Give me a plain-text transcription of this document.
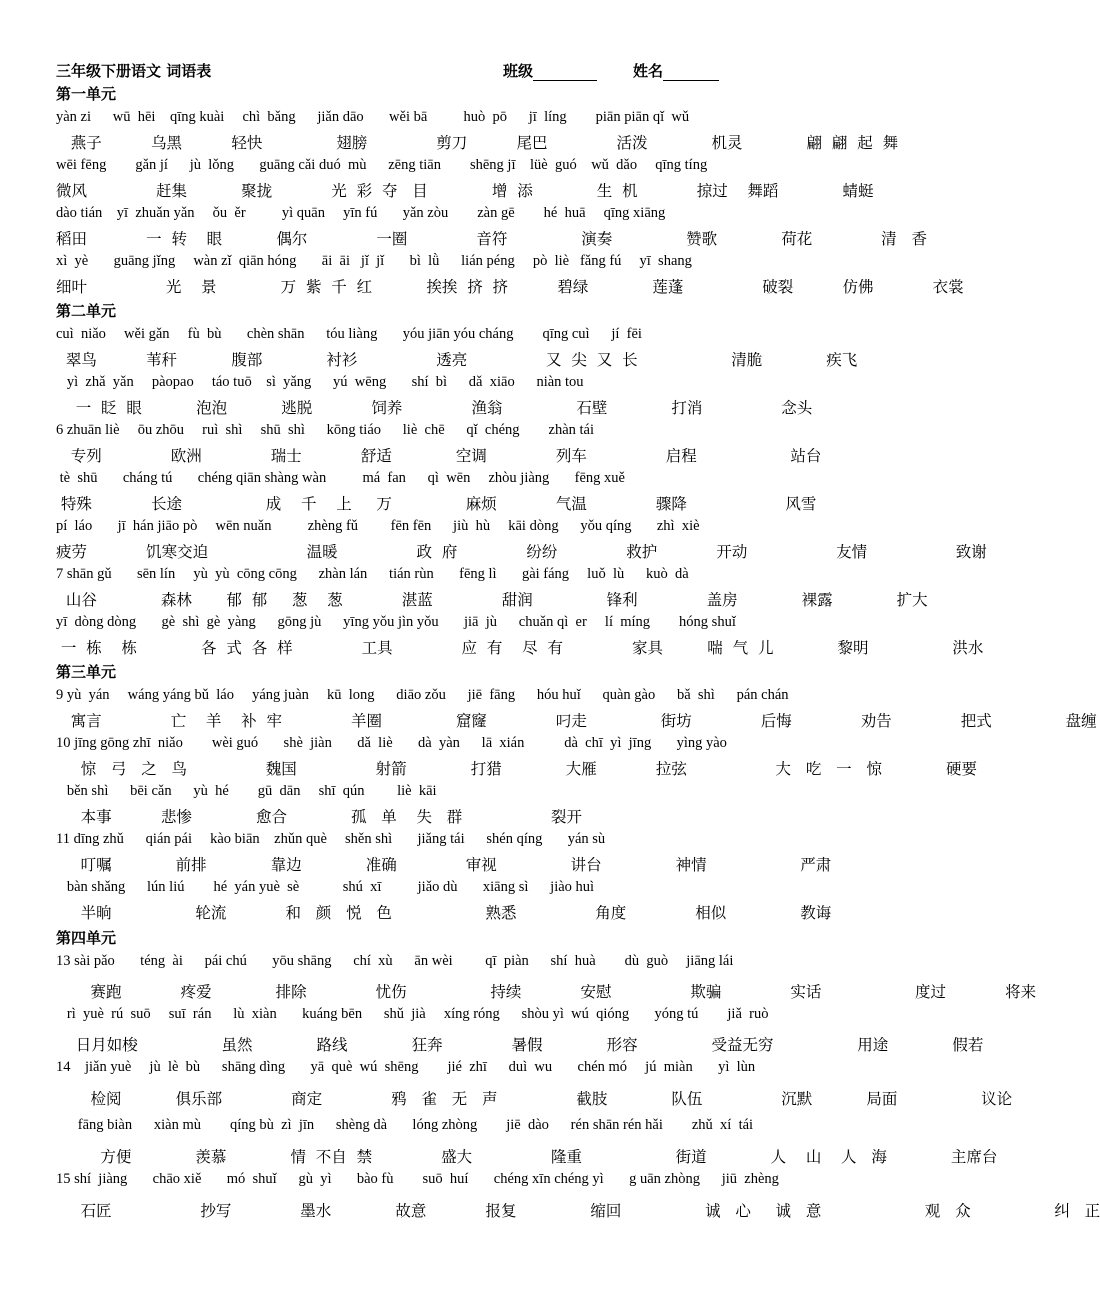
三年级下册语文 词语表	班级	姓名
第一单元
yàn zi      wū  hēi    qīng kuài     chì  bǎng      jiǎn dāo       wěi bā          huò  pō      jī  líng        piān piān qǐ  wǔ
燕子          乌黑          轻快               翅膀              剪刀          尾巴              活泼             机灵             翩  翩  起  舞
wēi fēng        gǎn jí      jù  lǒng       guāng cǎi duó  mù      zēng tiān        shēng jī    lüè  guó    wǔ  dǎo     qīng tíng
微风              赶集           聚拢            光  彩  夺   目             增  添             生  机            掠过    舞蹈             蜻蜓
dào tián    yī  zhuǎn yǎn     ǒu  ěr          yì quān     yīn fú       yǎn zòu        zàn gē        hé  huā     qīng xiāng
稻田            一  转    眼           偶尔              一圈              音符               演奏               赞歌             荷花              清   香
xì  yè       guāng jǐng     wàn zǐ  qiān hóng       āi  āi   jǐ  jǐ       bì  lǜ      lián péng     pò  liè   fǎng fú     yī  shang
细叶                光    景             万  紫  千  红           挨挨  挤  挤          碧绿             莲蓬                破裂          仿佛            衣裳
第二单元
cuì  niǎo     wěi gǎn     fù  bù       chèn shān      tóu liàng       yóu jiān yóu cháng        qīng cuì      jí  fēi
翠鸟          苇秆           腹部             衬衫                透亮                又  尖  又  长                   清脆             疾飞
yì  zhǎ  yǎn     pàopao     táo tuō    sì  yǎng      yú  wēng       shí  bì      dǎ  xiāo      niàn tou
一  眨  眼           泡泡           逃脱            饲养              渔翁               石壁             打消                念头
6 zhuān liè     ōu zhōu     ruì  shì     shū  shì      kōng tiáo      liè  chē      qǐ  chéng        zhàn tái
专列              欧洲              瑞士            舒适             空调              列车                启程                   站台
tè  shū       cháng tú       chéng qiān shàng wàn          má  fan      qì  wēn     zhòu jiàng       fēng xuě
特殊            长途                 成    千    上     万               麻烦            气温              骤降                    风雪
pí  láo       jī  hán jiāo pò     wēn nuǎn          zhèng fǔ         fēn fēn      jiù  hù     kāi dòng      yǒu qíng       zhì  xiè
疲劳            饥寒交迫                    温暖                政  府              纷纷              救护            开动                  友情                  致谢
7 shān gǔ       sēn lín     yù  yù  cōng cōng      zhàn lán      tián rùn       fēng lì       gài fáng     luǒ  lù      kuò  dà
山谷             森林       郁  郁     葱    葱            湛蓝              甜润               锋利              盖房             裸露             扩大
yī  dòng dòng       gè  shì  gè  yàng      gōng jù      yīng yǒu jìn yǒu       jiā  jù      chuǎn qì  er     lí  míng        hóng shuǐ
一  栋    栋             各  式  各  样              工具              应  有    尽  有              家具         喘  气  儿             黎明                 洪水
第三单元
9 yù  yán     wáng yáng bǔ  láo     yáng juàn     kū  long      diāo zǒu      jiē  fāng      hóu huǐ      quàn gào      bǎ  shì      pán chán
寓言              亡    羊    补  牢              羊圈               窟窿              叼走               街坊              后悔              劝告              把式               盘缠
10 jīng gōng zhī  niǎo        wèi guó       shè  jiàn       dǎ  liè       dà  yàn      lā  xián           dà  chī  yì  jīng       yìng yào
惊   弓   之   鸟                魏国                射箭             打猎             大雁            拉弦                  大   吃   一   惊             硬要
běn shì      bēi cǎn      yù  hé        gū  dān     shī  qún         liè  kāi
本事          悲惨             愈合             孤   单    失   群                  裂开
11 dīng zhǔ      qián pái     kào biān    zhǔn què     shěn shì       jiǎng tái      shén qíng       yán sù
叮嘱             前排             靠边             准确              审视               讲台               神情                   严肃
bàn shǎng      lún liú        hé  yán yuè  sè            shú  xī          jiǎo dù       xiāng sì      jiào huì
半晌                 轮流            和   颜   悦   色                   熟悉                角度              相似               教诲
第四单元
13 sài pǎo       téng  ài      pái chú       yōu shāng      chí  xù      ān wèi         qī  piàn      shí  huà        dù  guò     jiāng lái
赛跑            疼爱             排除              忧伤                 持续            安慰                欺骗              实话                   度过            将来
rì  yuè  rú  suō     suī  rán      lù  xiàn       kuáng bēn      shǔ  jià     xíng róng      shòu yì  wú  qióng       yóng tú        jiǎ  ruò
日月如梭                 虽然             路线             狂奔              暑假             形容               受益无穷                 用途             假若
14    jiǎn yuè     jù  lè  bù      shāng dìng       yā  què  wú  shēng        jié  zhī      duì  wu       chén mó     jú  miàn       yì  lùn
检阅           俱乐部              商定              鸦   雀   无   声                截肢             队伍                沉默           局面                 议论
fāng biàn      xiàn mù        qíng bù  zì  jīn      shèng dà       lóng zhòng        jiē  dào      rén shān rén hǎi        zhǔ  xí  tái
方便             羡慕             情  不自  禁              盛大                隆重                   街道             人    山    人   海             主席台
15 shí  jiàng       chāo xiě       mó  shuǐ      gù  yì       bào fù        suō  huí       chéng xīn chéng yì       g uān zhòng      jiū  zhèng
石匠                  抄写              墨水             故意            报复               缩回                 诚   心     诚   意                     观   众                 纠   正
